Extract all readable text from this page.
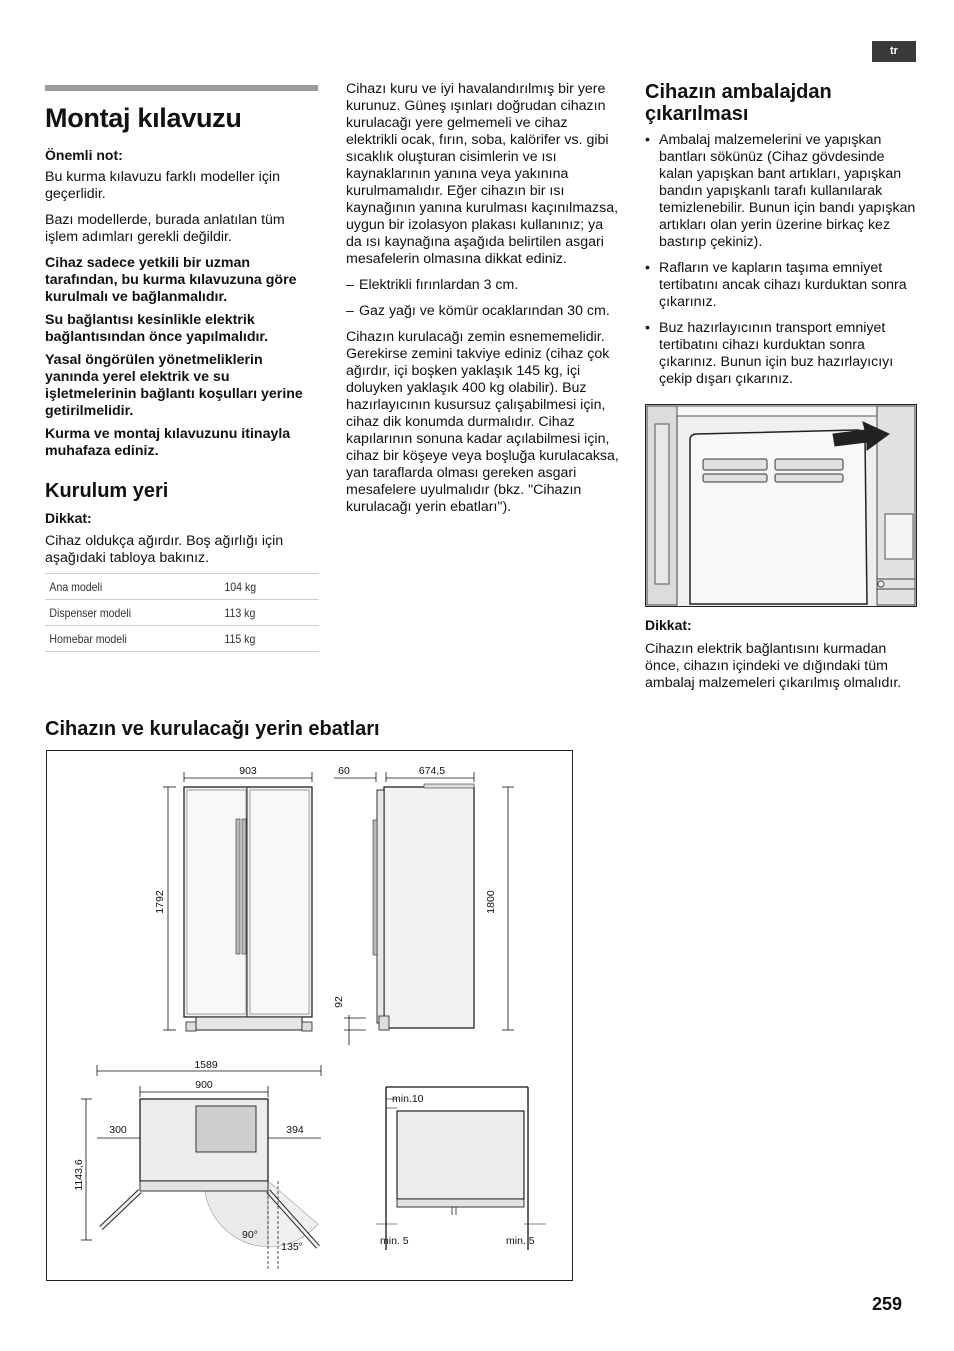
tr
Montaj kılavuzu

Önemli not:

Bu kurma kılavuzu farklı modeller için geçerlidir.

Bazı modellerde, burada anlatılan tüm işlem adımları gerekli değildir.

Cihaz sadece yetkili bir uzman tarafından, bu kurma kılavuzuna göre kurulmalı ve bağlanmalıdır.

Su bağlantısı kesinlikle elektrik bağlantısından önce yapılmalıdır.

Yasal öngörülen yönetmeliklerin yanında yerel elektrik ve su işletmelerinin bağlantı koşulları yerine getirilmelidir.

Kurma ve montaj kılavuzunu itinayla muhafaza ediniz.

Kurulum yeri

Dikkat:

Cihaz oldukça ağırdır. Boş ağırlığı için aşağıdaki tabloya bakınız.

Ana modeli	104 kg
Dispenser modeli	113 kg
Homebar modeli	115 kg

Cihazı kuru ve iyi havalandırılmış bir yere kurunuz. Güneş ışınları doğrudan cihazın kurulacağı yere gelmemeli ve cihaz elektrikli ocak, fırın, soba, kalörifer vs. gibi sıcaklık oluşturan cisimlerin ve ısı kaynaklarının yanına veya yakınına kurulmamalıdır. Eğer cihazın bir ısı kaynağının yanına kurulması kaçınılmazsa, uygun bir izolasyon plakası kullanınız; ya da ısı kaynağına aşağıda belirtilen asgari mesafelerin olmasına dikkat ediniz.

– Elektrikli fırınlardan 3 cm.
– Gaz yağı ve kömür ocaklarından 30 cm.

Cihazın kurulacağı zemin esnememelidir. Gerekirse zemini takviye ediniz (cihaz çok ağırdır, içi boşken yaklaşık 145 kg, içi doluyken yaklaşık 400 kg olabilir). Buz hazırlayıcının kusursuz çalışabilmesi için, cihaz dik konumda durmalıdır. Cihaz kapılarının sonuna kadar açılabilmesi için, cihaz bir köşeye veya boşluğa kurulacaksa, yan taraflarda olması gereken asgari mesafelere uyulmalıdır (bkz. "Cihazın kurulacağı yerin ebatları").

Cihazın ambalajdan çıkarılması
• Ambalaj malzemelerini ve yapışkan bantları sökünüz (Cihaz gövdesinde kalan yapışkan bant artıkları, yapışkan bandın yapışkanlı tarafı kullanılarak temizlenebilir. Bunun için bandı yapışkan artıkları olan yerin üzerine birkaç kez bastırıp çekiniz).
• Rafların ve kapların taşıma emniyet tertibatını ancak cihazı kurduktan sonra çıkarınız.
• Buz hazırlayıcının transport emniyet tertibatını cihazı kurduktan sonra çıkarınız. Bunun için buz hazırlayıcıyı çekip dışarı çıkarınız.

Dikkat:

Cihazın elektrik bağlantısını kurmadan önce, cihazın içindeki ve dığındaki tüm ambalaj malzemeleri çıkarılmış olmalıdır.

Cihazın ve kurulacağı yerin ebatları
903
1792
60	674,5
1800
92
1589
900
300	394
1143,6
90°
135°
min.10
min. 5	min. 5
259
